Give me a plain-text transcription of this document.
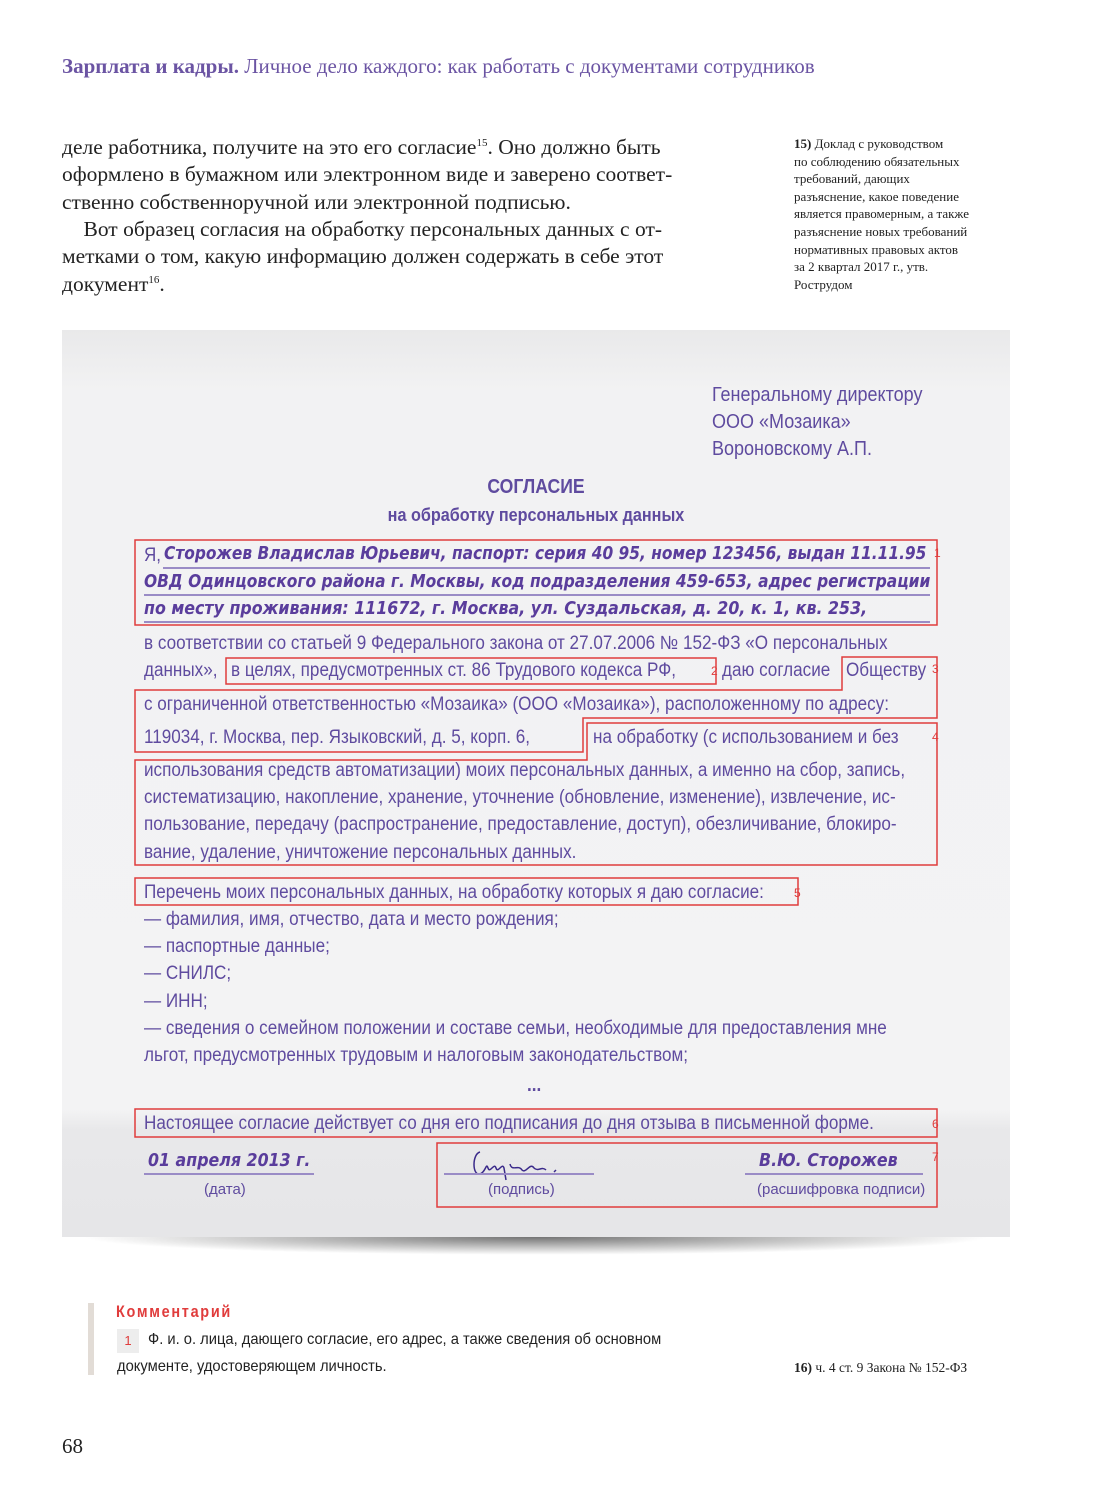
Зарплата и кадры. Личное дело каждого: как работать с документами сотрудников
деле работника, получите на это его согласие$^{15}$. Оно должно быть
оформлено в бумажном или электронном виде и заверено соответ-
ственно собственноручной или электронной подписью.
Вот образец согласия на обработку персональных данных с от-
метками о том, какую информацию должен содержать в себе этот
документ$^{16}$.
15) Доклад с руководством
по соблюдению обязательных
требований, дающих
разъяснение, какое поведение
является правомерным, а также
разъяснение новых требований
нормативных правовых актов
за 2 квартал 2017 г., утв.
Рострудом
Генеральному директору
ООО «Мозаика»
Вороновскому А.П.
СОГЛАСИЕ
на обработку персональных данных
Я, Сторожев Владислав Юрьевич, паспорт: серия 40 95, номер 123456, выдан 11.11.95
ОВД Одинцовского района г. Москвы, код подразделения 459-653, адрес регистрации
по месту проживания: 111672, г. Москва, ул. Суздальская, д. 20, к. 1, кв. 253,
в соответствии со статьей 9 Федерального закона от 27.07.2006 № 152-ФЗ «О персональных
данных», в целях, предусмотренных ст. 86 Трудового кодекса РФ, даю согласие Обществу
с ограниченной ответственностью «Мозаика» (ООО «Мозаика»), расположенному по адресу:
119034, г. Москва, пер. Языковский, д. 5, корп. 6,	на обработку (с использованием и без
использования средств автоматизации) моих персональных данных, а именно на сбор, запись,
систематизацию, накопление, хранение, уточнение (обновление, изменение), извлечение, ис-
пользование, передачу (распространение, предоставление, доступ), обезличивание, блокиро-
вание, удаление, уничтожение персональных данных.
Перечень моих персональных данных, на обработку которых я даю согласие:
— фамилия, имя, отчество, дата и место рождения;
— паспортные данные;
— СНИЛС;
— ИНН;
— сведения о семейном положении и составе семьи, необходимые для предоставления мне
льгот, предусмотренных трудовым и налоговым законодательством;
...
Настоящее согласие действует со дня его подписания до дня отзыва в письменной форме.
01 апреля 2013 г.
(дата)	(подпись)
В.Ю. Сторожев
(расшифровка подписи)
1
2	3
4
5
6
7
Комментарий
1	Ф. и. о. лица, дающего согласие, его адрес, а также сведения об основном
документе, удостоверяющем личность.	16) ч. 4 ст. 9 Закона № 152-ФЗ
68
